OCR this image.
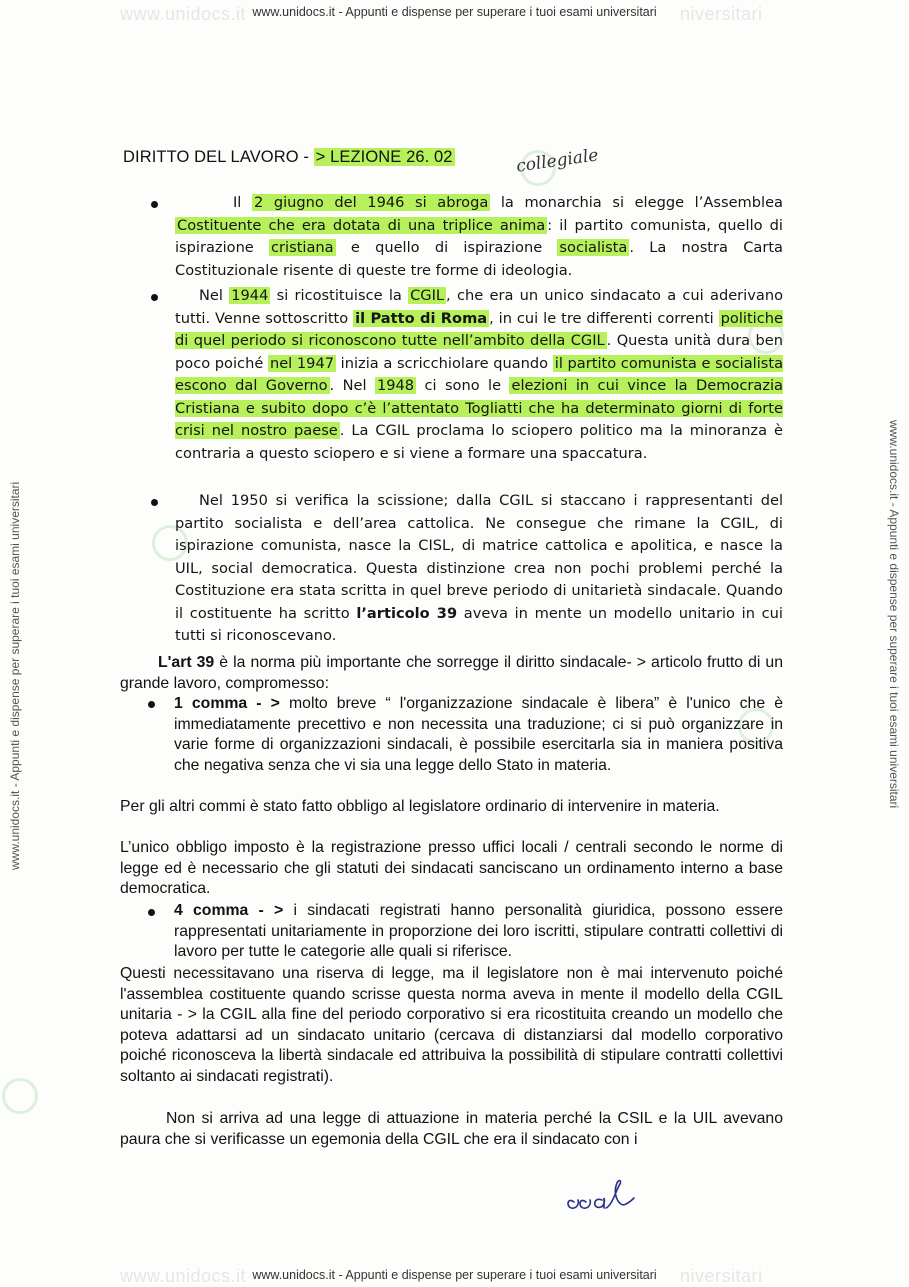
www.unidocs.it	niversitari
www.unidocs.it - Appunti e dispense per superare i tuoi esami universitari
www.unidocs.it	niversitari
www.unidocs.it - Appunti e dispense per superare i tuoi esami universitari
www.unidocs.it - Appunti e dispense per superare i tuoi esami universitari	www.unidocs.it - Appunti e dispense per superare i tuoi esami universitari
DIRITTO DEL LAVORO - > LEZIONE 26. 02	collegiale
Il 2 giugno del 1946 si abroga la monarchia si elegge l’Assemblea Costituente che era dotata di una triplice anima : il partito comunista, quello di ispirazione cristiana e quello di ispirazione socialista . La nostra Carta Costituzionale risente di queste tre forme di ideologia.
Nel 1944 si ricostituisce la CGIL , che era un unico sindacato a cui aderivano tutti. Venne sottoscritto il Patto di Roma , in cui le tre differenti correnti politiche di quel periodo si riconoscono tutte nell’ambito della CGIL . Questa unità dura ben poco poiché nel 1947 inizia a scricchiolare quando il partito comunista e socialista escono dal Governo . Nel 1948 ci sono le elezioni in cui vince la Democrazia Cristiana e subito dopo c’è l’attentato Togliatti che ha determinato giorni di forte crisi nel nostro paese . La CGIL proclama lo sciopero politico ma la minoranza è contraria a questo sciopero e si viene a formare una spaccatura.
Nel 1950 si verifica la scissione; dalla CGIL si staccano i rappresentanti del partito socialista e dell’area cattolica. Ne consegue che rimane la CGIL, di ispirazione comunista, nasce la CISL, di matrice cattolica e apolitica, e nasce la UIL, social democratica. Questa distinzione crea non pochi problemi perché la Costituzione era stata scritta in quel breve periodo di unitarietà sindacale. Quando il costituente ha scritto l’articolo 39 aveva in mente un modello unitario in cui tutti si riconoscevano.
L'art 39 è la norma più importante che sorregge il diritto sindacale- > articolo frutto di un grande lavoro, compromesso:
1 comma - > molto breve “ l'organizzazione sindacale è libera” è l'unico che è immediatamente precettivo e non necessita una traduzione; ci si può organizzare in varie forme di organizzazioni sindacali, è possibile esercitarla sia in maniera positiva che negativa senza che vi sia una legge dello Stato in materia.
Per gli altri commi è stato fatto obbligo al legislatore ordinario di intervenire in materia.
L’unico obbligo imposto è la registrazione presso uffici locali / centrali secondo le norme di legge ed è necessario che gli statuti dei sindacati sanciscano un ordinamento interno a base democratica.
4 comma - > i sindacati registrati hanno personalità giuridica, possono essere rappresentati unitariamente in proporzione dei loro iscritti, stipulare contratti collettivi di lavoro per tutte le categorie alle quali si riferisce.
Questi necessitavano una riserva di legge, ma il legislatore non è mai intervenuto poiché l'assemblea costituente quando scrisse questa norma aveva in mente il modello della CGIL unitaria - > la CGIL alla fine del periodo corporativo si era ricostituita creando un modello che poteva adattarsi ad un sindacato unitario (cercava di distanziarsi dal modello corporativo poiché riconosceva la libertà sindacale ed attribuiva la possibilità di stipulare contratti collettivi soltanto ai sindacati registrati).
Non si arriva ad una legge di attuazione in materia perché la CSIL e la UIL avevano paura che si verificasse un egemonia della CGIL che era il sindacato con i
